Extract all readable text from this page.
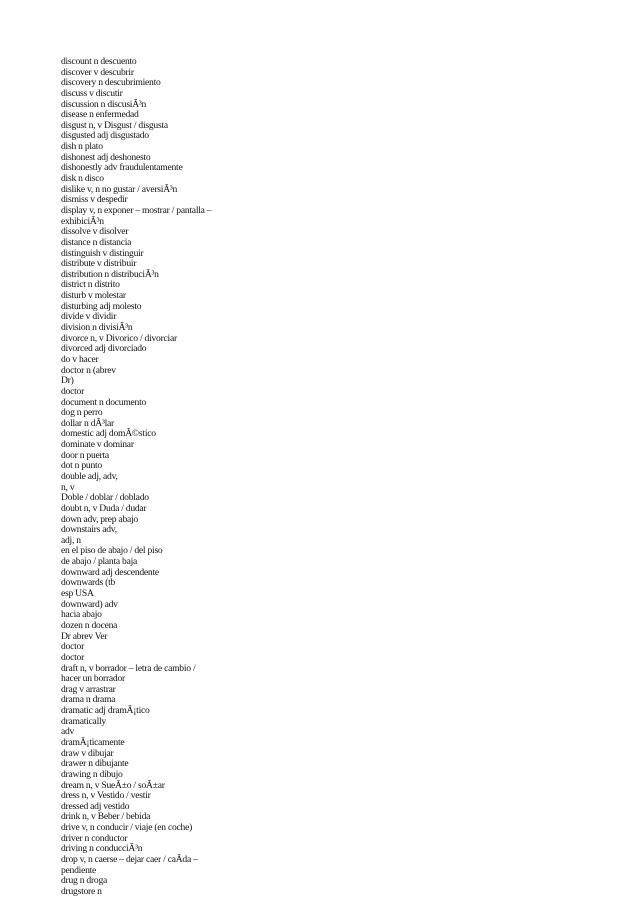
discount n descuento
discover v descubrir
discovery n descubrimiento
discuss v discutir
discussion n discusiÃ³n
disease n enfermedad
disgust n, v Disgust / disgusta
disgusted adj disgustado
dish n plato
dishonest adj deshonesto
dishonestly adv fraudulentamente
disk n disco
dislike v, n no gustar / aversiÃ³n
dismiss v despedir
display v, n exponer – mostrar / pantalla –
exhibiciÃ³n
dissolve v disolver
distance n distancia
distinguish v distinguir
distribute v distribuir
distribution n distribuciÃ³n
district n distrito
disturb v molestar
disturbing adj molesto
divide v dividir
division n divisiÃ³n
divorce n, v Divorico / divorciar
divorced adj divorciado
do v hacer
doctor n (abrev
Dr)
doctor
document n documento
dog n perro
dollar n dÃ³lar
domestic adj domÃ©stico
dominate v dominar
door n puerta
dot n punto
double adj, adv,
n, v
Doble / doblar / doblado
doubt n, v Duda / dudar
down adv, prep abajo
downstairs adv,
adj, n
en el piso de abajo / del piso
de abajo / planta baja
downward adj descendente
downwards (tb
esp USA
downward) adv
hacia abajo
dozen n docena
Dr abrev Ver
doctor
doctor
draft n, v borrador – letra de cambio /
hacer un borrador
drag v arrastrar
drama n drama
dramatic adj dramÃ¡tico
dramatically
adv
dramÃ¡ticamente
draw v dibujar
drawer n dibujante
drawing n dibujo
dream n, v SueÃ±o / soÃ±ar
dress n, v Vestido / vestir
dressed adj vestido
drink n, v Beber / bebida
drive v, n conducir / viaje (en coche)
driver n conductor
driving n conducciÃ³n
drop v, n caerse – dejar caer / caÃda –
pendiente
drug n droga
drugstore n
